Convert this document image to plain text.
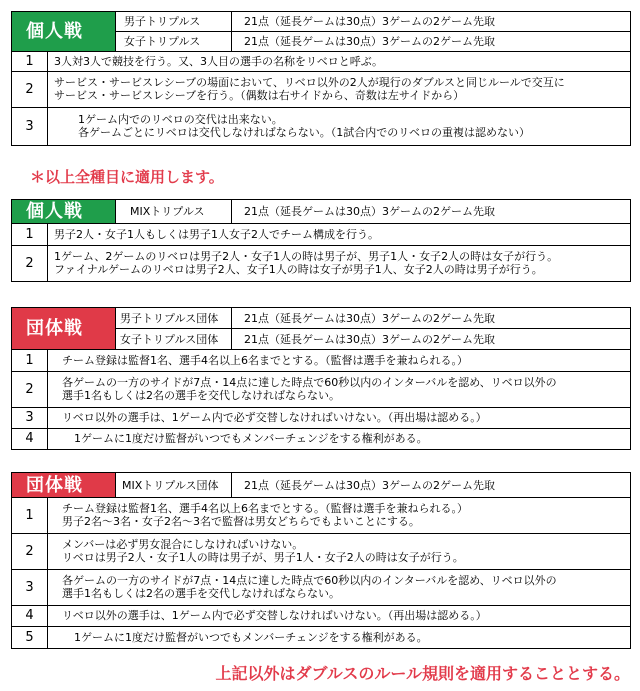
個人戦	男子トリプルス	21点（延長ゲームは30点）3ゲームの2ゲーム先取
	女子トリプルス	21点（延長ゲームは30点）3ゲームの2ゲーム先取
1	3人対3人で競技を行う。又、3人目の選手の名称をリベロと呼ぶ。

2	サービス・サービスレシーブの場面において、リベロ以外の2人が現行のダブルスと同じルールで交互に
サービス・サービスレシーブを行う。（偶数は右サイドから、奇数は左サイドから）

3	1ゲーム内でのリベロの交代は出来ない。
各ゲームごとにリベロは交代しなければならない。（1試合内でのリベロの重複は認めない）
＊以上全種目に適用します。
個人戦	MIXトリプルス	21点（延長ゲームは30点）3ゲームの2ゲーム先取
1	男子2人・女子1人もしくは男子1人女子2人でチーム構成を行う。

2	1ゲーム、2ゲームのリベロは男子2人・女子1人の時は男子が、男子1人・女子2人の時は女子が行う。
ファイナルゲームのリベロは男子2人、女子1人の時は女子が男子1人、女子2人の時は男子が行う。
団体戦	男子トリプルス団体	21点（延長ゲームは30点）3ゲームの2ゲーム先取
	女子トリプルス団体	21点（延長ゲームは30点）3ゲームの2ゲーム先取
1	チーム登録は監督1名、選手4名以上6名までとする。（監督は選手を兼ねられる。）

2	各ゲームの一方のサイドが7点・14点に達した時点で60秒以内のインターバルを認め、リベロ以外の
選手1名もしくは2名の選手を交代しなければならない。

3	リベロ以外の選手は、1ゲーム内で必ず交替しなければいけない。（再出場は認める。）

4	1ゲームに1度だけ監督がいつでもメンバーチェンジをする権利がある。
団体戦	MIXトリプルス団体	21点（延長ゲームは30点）3ゲームの2ゲーム先取
1	チーム登録は監督1名、選手4名以上6名までとする。（監督は選手を兼ねられる。）
男子2名～3名・女子2名～3名で監督は男女どちらでもよいことにする。

2	メンバーは必ず男女混合にしなければいけない。
リベロは男子2人・女子1人の時は男子が、男子1人・女子2人の時は女子が行う。

3	各ゲームの一方のサイドが7点・14点に達した時点で60秒以内のインターバルを認め、リベロ以外の
選手1名もしくは2名の選手を交代しなければならない。

4	リベロ以外の選手は、1ゲーム内で必ず交替しなければいけない。（再出場は認める。）

5	1ゲームに1度だけ監督がいつでもメンバーチェンジをする権利がある。
上記以外はダブルスのルール規則を適用することとする。
